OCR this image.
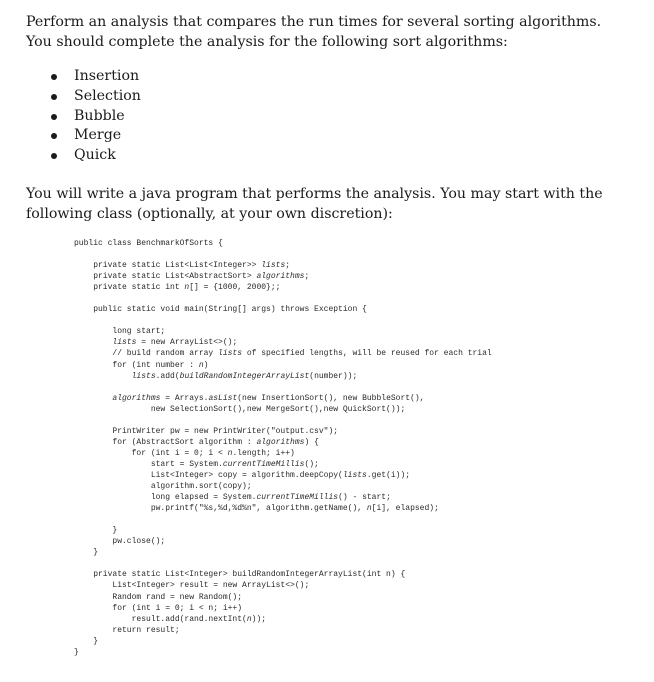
Perform an analysis that compares the run times for several sorting algorithms. You should complete the analysis for the following sort algorithms:

Insertion
Selection
Bubble
Merge
Quick

You will write a java program that performs the analysis. You may start with the following class (optionally, at your own discretion):

public class BenchmarkOfSorts {

private static List<List<Integer>> lists;
private static List<AbstractSort> algorithms;
private static int n[] = {1000, 2000};;

public static void main(String[] args) throws Exception {

long start;
lists = new ArrayList<>();
// build random array lists of specified lengths, will be reused for each trial
for (int number : n)
lists.add(buildRandomIntegerArrayList(number));

algorithms = Arrays.asList(new InsertionSort(), new BubbleSort(),
new SelectionSort(),new MergeSort(),new QuickSort());

PrintWriter pw = new PrintWriter("output.csv");
for (AbstractSort algorithm : algorithms) {
for (int i = 0; i < n.length; i++)
start = System.currentTimeMillis();
List<Integer> copy = algorithm.deepCopy(lists.get(i));
algorithm.sort(copy);
long elapsed = System.currentTimeMillis() - start;
pw.printf("%s,%d,%d%n", algorithm.getName(), n[i], elapsed);

}
pw.close();
}

private static List<Integer> buildRandomIntegerArrayList(int n) {
List<Integer> result = new ArrayList<>();
Random rand = new Random();
for (int i = 0; i < n; i++)
result.add(rand.nextInt(n));
return result;
}
}
